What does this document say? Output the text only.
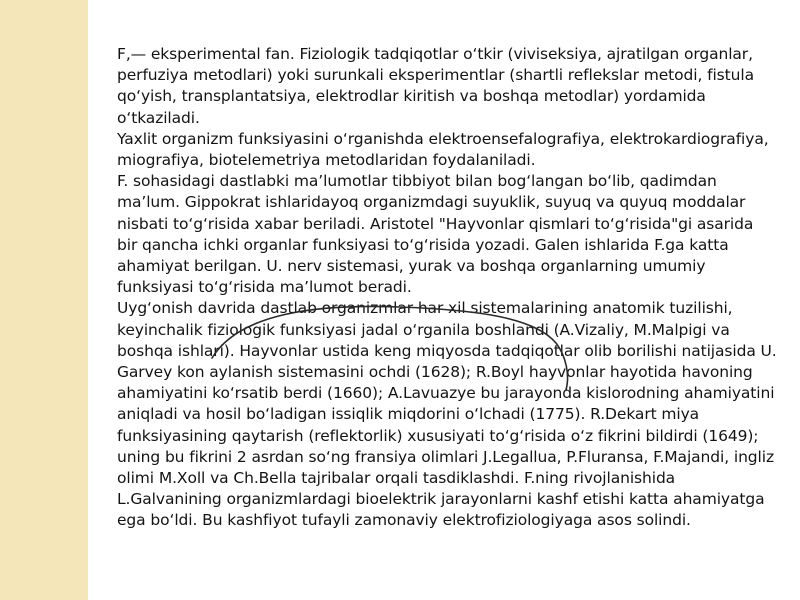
F,— eksperimental fan. Fiziologik tadqiqotlar o‘tkir (viviseksiya, ajratilgan organlar, perfuziya metodlari) yoki surunkali eksperimentlar (shartli reflekslar metodi, fistula qo‘yish, transplantatsiya, elektrodlar kiritish va boshqa metodlar) yordamida o‘tkaziladi.

Yaxlit organizm funksiyasini o‘rganishda elektroensefalografiya, elektrokardiografiya, miografiya, biotelemetriya metodlaridan foydalaniladi.

F. sohasidagi dastlabki ma’lumotlar tibbiyot bilan bog‘langan bo‘lib, qadimdan ma’lum. Gippokrat ishlaridayoq organizmdagi suyuklik, suyuq va quyuq moddalar nisbati to‘g‘risida xabar beriladi. Aristotel "Hayvonlar qismlari to‘g‘risida"gi asarida bir qancha ichki organlar funksiyasi to‘g‘risida yozadi. Galen ishlarida F.ga katta ahamiyat berilgan. U. nerv sistemasi, yurak va boshqa organlarning umumiy funksiyasi to‘g‘risida ma’lumot beradi.

Uyg‘onish davrida dastlab organizmlar har xil sistemalarining anatomik tuzilishi, keyinchalik fiziologik funksiyasi jadal o‘rganila boshlandi (A.Vizaliy, M.Malpigi va boshqa ishlari). Hayvonlar ustida keng miqyosda tadqiqotlar olib borilishi natijasida U. Garvey kon aylanish sistemasini ochdi (1628); R.Boyl hayvonlar hayotida havoning ahamiyatini ko‘rsatib berdi (1660); A.Lavuazye bu jarayonda kislorodning ahamiyatini aniqladi va hosil bo‘ladigan issiqlik miqdorini o‘lchadi (1775). R.Dekart miya funksiyasining qaytarish (reflektorlik) xususiyati to‘g‘risida o‘z fikrini bildirdi (1649); uning bu fikrini 2 asrdan so‘ng fransiya olimlari J.Legallua, P.Fluransa, F.Majandi, ingliz olimi M.Xoll va Ch.Bella tajribalar orqali tasdiklashdi. F.ning rivojlanishida L.Galvanining organizmlardagi bioelektrik jarayonlarni kashf etishi katta ahamiyatga ega bo‘ldi. Bu kashfiyot tufayli zamonaviy elektrofiziologiyaga asos solindi.
